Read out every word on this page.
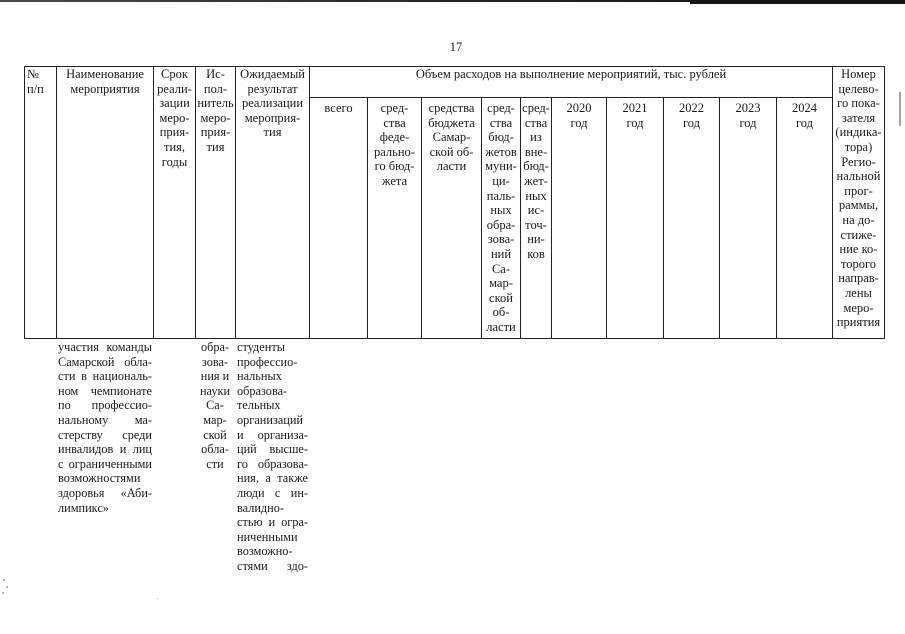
17
№
п/п
Наименование
мероприятия
Срок
реали-
зации
меро-
прия-
тия,
годы
Ис-
пол-
нитель
меро-
прия-
тия
Ожидаемый
результат
реализации
мероприя-
тия
Объем расходов на выполнение мероприятий, тыс. рублей
всего	сред-
ства
феде-
рально-
го бюд-
жета
средства
бюджета
Самар-
ской об-
ласти
сред-
ства
бюд-
жетов
муни-
ци-
паль-
ных
обра-
зова-
ний
Са-
мар-
ской
об-
ласти
сред-
ства
из
вне-
бюд-
жет-
ных
ис-
точ-
ни-
ков
2020
год
2021
год
2022
год
2023
год
2024
год
Номер
целево-
го пока-
зателя
(индика-
тора)
Регио-
нальной
прог-
раммы,
на до-
стиже-
ние ко-
торого
направ-
лены
меро-
приятия
участия команды
Самарской обла-
сти в националь-
ном чемпионате
по профессио-
нальному ма-
стерству среди
инвалидов и лиц
с ограниченными
возможностями
здоровья «Аби-
лимпикс»
обра-
зова-
ния и
науки
Са-
мар-
ской
обла-
сти
студенты
профессио-
нальных
образова-
тельных
организаций
и организа-
ций высше-
го образова-
ния, а также
люди с ин-
валидно-
стью и огра-
ниченными
возможно-
стями здо-
